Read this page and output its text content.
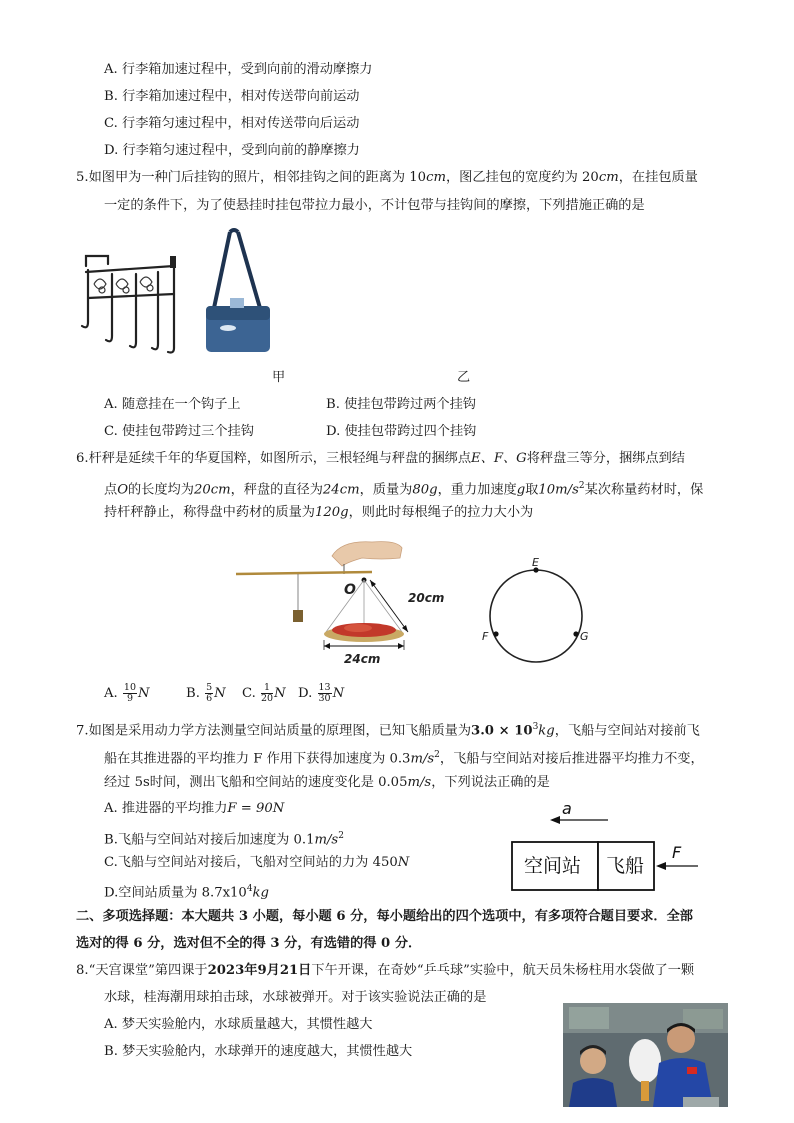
A. 行李箱加速过程中，受到向前的滑动摩擦力
B. 行李箱加速过程中，相对传送带向前运动
C. 行李箱匀速过程中，相对传送带向后运动
D. 行李箱匀速过程中，受到向前的静摩擦力
5.如图甲为一种门后挂钩的照片，相邻挂钩之间的距离为 10cm，图乙挂包的宽度约为 20cm，在挂包质量
一定的条件下，为了使悬挂时挂包带拉力最小，不计包带与挂钩间的摩擦，下列措施正确的是
甲	乙
A. 随意挂在一个钩子上	B. 使挂包带跨过两个挂钩
C. 使挂包带跨过三个挂钩	D. 使挂包带跨过四个挂钩
6.杆秤是延续千年的华夏国粹，如图所示，三根轻绳与秤盘的捆绑点E、F、G将秤盘三等分，捆绑点到结
点O的长度均为20cm，秤盘的直径为24cm，质量为80g，重力加速度g取$10m/s^2$某次称量药材时，保
持杆秤静止，称得盘中药材的质量为120g，则此时每根绳子的拉力大小为
O	20cm
24cm
E
F	G
A. $\frac{10}{9}$ N	B. $\frac{5}{6}$ N C. $\frac{1}{20}$ N D. $\frac{13}{30}$ N
7.如图是采用动力学方法测量空间站质量的原理图，已知飞船质量为$3.0 \times 10^3kg$，飞船与空间站对接前飞
船在其推进器的平均推力 F 作用下获得加速度为 $0.3m/s^2$，飞船与空间站对接后推进器平均推力不变，
经过 5s时间，测出飞船和空间站的速度变化是 0.05m/s，下列说法正确的是
A. 推进器的平均推力F = 90N
B.飞船与空间站对接后加速度为 $0.1m/s^2$
C.飞船与空间站对接后，飞船对空间站的力为 450N
D.空间站质量为 $8.7x10^4kg$
a
空间站 飞船
F
二、多项选择题：本大题共 3 小题，每小题 6 分，每小题给出的四个选项中，有多项符合题目要求．全部
选对的得 6 分，选对但不全的得 3 分，有选错的得 0 分．
8.“天宫课堂”第四课于2023年9月21日下午开课，在奇妙“乒乓球”实验中，航天员朱杨柱用水袋做了一颗
水球，桂海潮用球拍击球，水球被弹开。对于该实验说法正确的是
A. 梦天实验舱内，水球质量越大，其惯性越大
B. 梦天实验舱内，水球弹开的速度越大，其惯性越大
